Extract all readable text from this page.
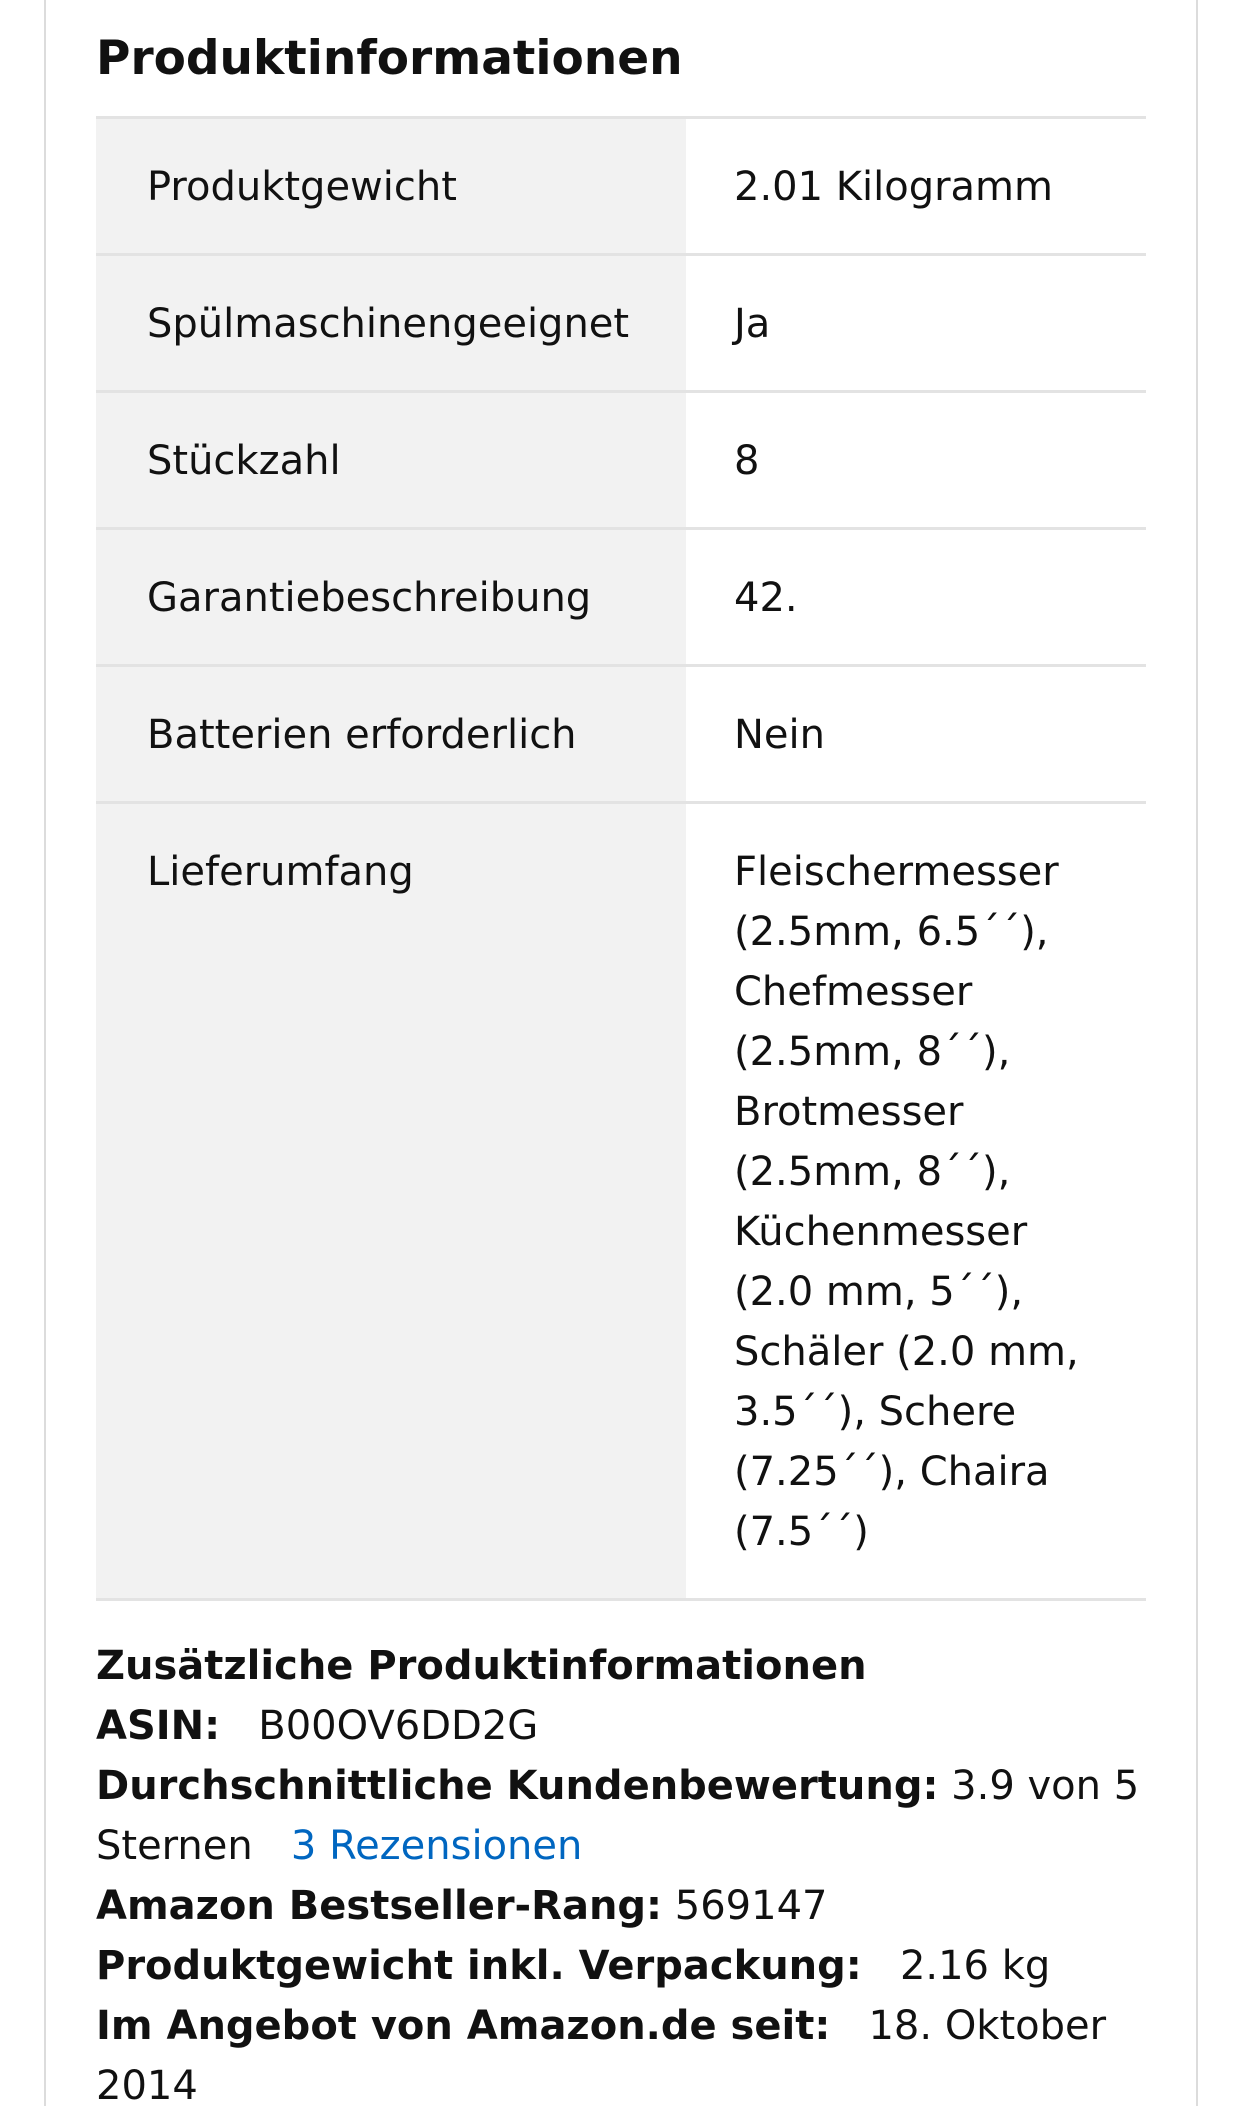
Produktinformationen
Produktgewicht	2.01 Kilogramm
Spülmaschinengeeignet	Ja
Stückzahl	8
Garantiebeschreibung	42.
Batterien erforderlich	Nein
Lieferumfang	Fleischermesser
(2.5mm, 6.5´´),
Chefmesser
(2.5mm, 8´´),
Brotmesser
(2.5mm, 8´´),
Küchenmesser
(2.0 mm, 5´´),
Schäler (2.0 mm,
3.5´´), Schere
(7.25´´), Chaira
(7.5´´)

Zusätzliche Produktinformationen

ASIN: B00OV6DD2G

Durchschnittliche Kundenbewertung: 3.9 von 5 Sternen 3 Rezensionen

Amazon Bestseller-Rang: 569147

Produktgewicht inkl. Verpackung: 2.16 kg

Im Angebot von Amazon.de seit: 18. Oktober 2014
